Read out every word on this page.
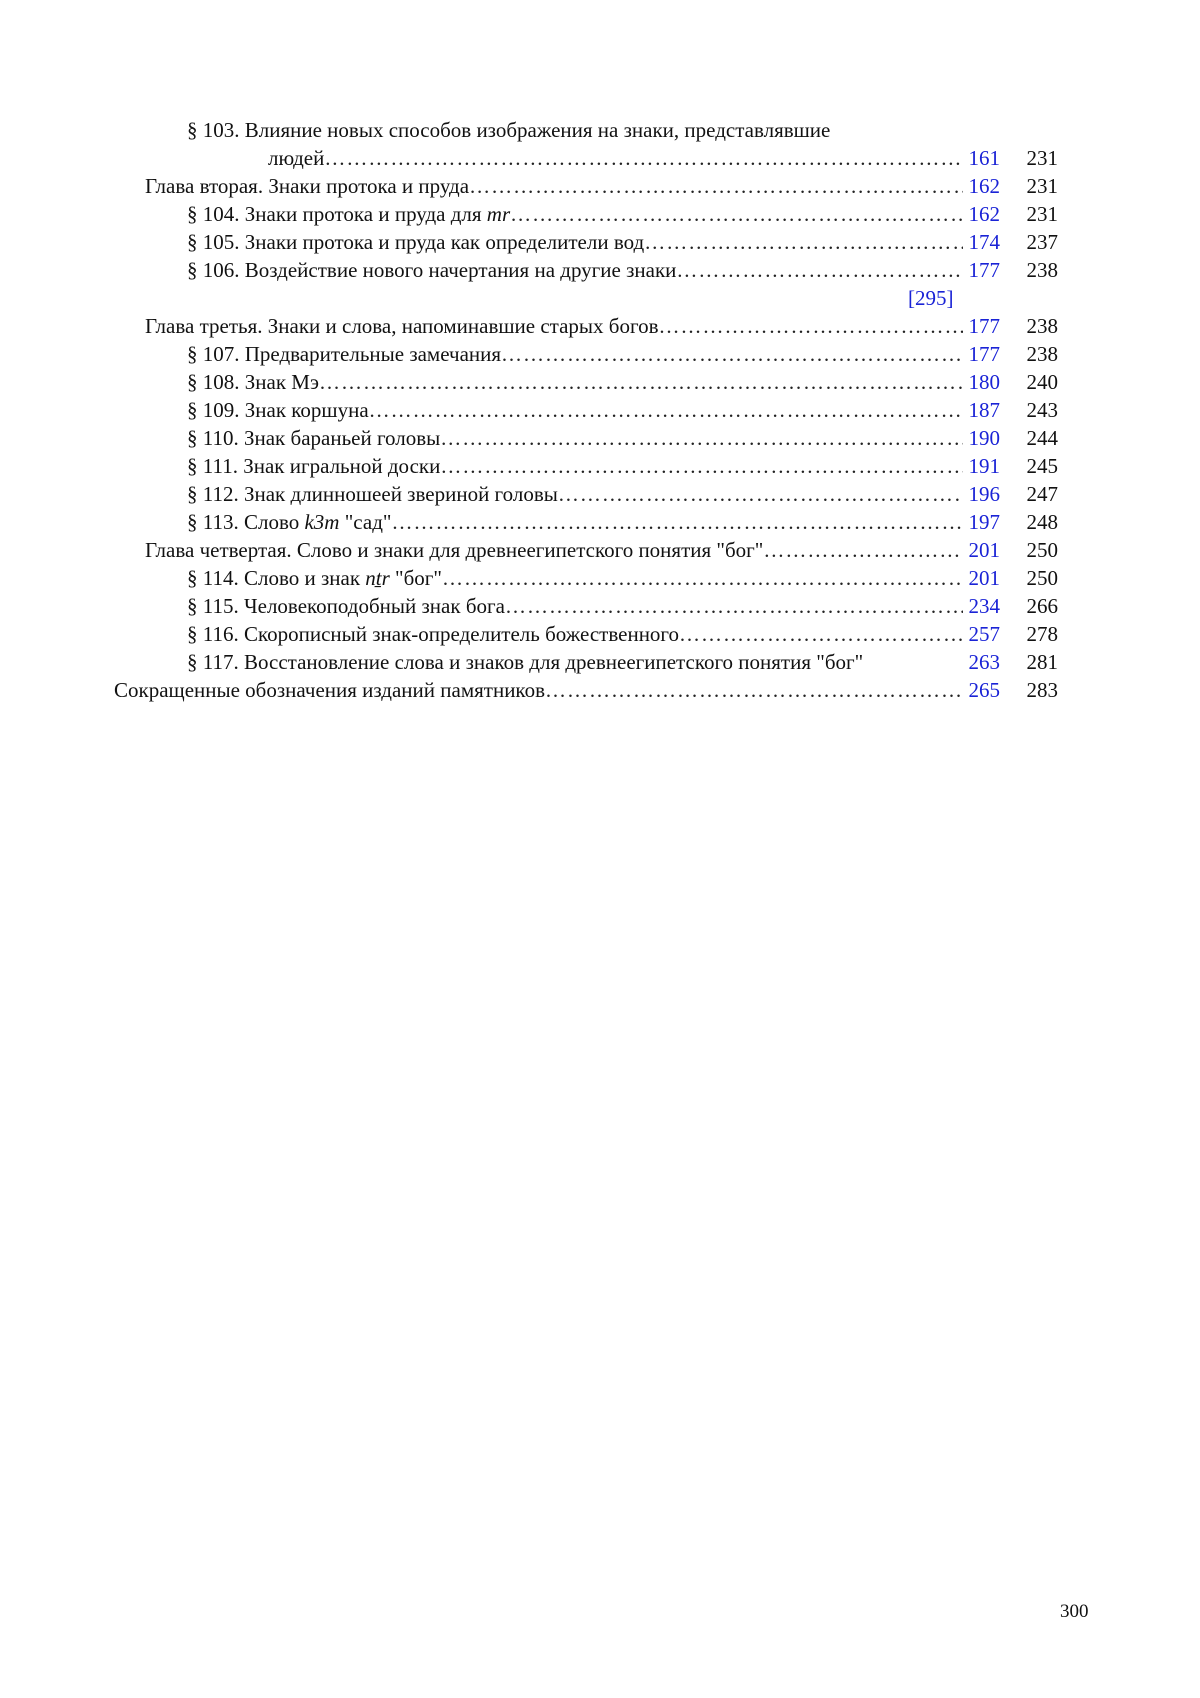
§ 103. Влияние новых способов изображения на знаки, представлявшие
людей ……………………………………………………………………………………………………………………………………………………………………………………	161	231
Глава вторая. Знаки протока и пруда ……………………………………………………………………………………………………………………………………………………………………………………	162	231
§ 104. Знаки протока и пруда для mr ……………………………………………………………………………………………………………………………………………………………………………………	162	231
§ 105. Знаки протока и пруда как определители вод ……………………………………………………………………………………………………………………………………………………………………………………	174	237
§ 106. Воздействие нового начертания на другие знаки ……………………………………………………………………………………………………………………………………………………………………………………	177	238
[295]
Глава третья. Знаки и слова, напоминавшие старых богов ……………………………………………………………………………………………………………………………………………………………………………………	177	238
§ 107. Предварительные замечания ……………………………………………………………………………………………………………………………………………………………………………………	177	238
§ 108. Знак Мэ ……………………………………………………………………………………………………………………………………………………………………………………	180	240
§ 109. Знак коршуна ……………………………………………………………………………………………………………………………………………………………………………………	187	243
§ 110. Знак бараньей головы ……………………………………………………………………………………………………………………………………………………………………………………	190	244
§ 111. Знак игральной доски ……………………………………………………………………………………………………………………………………………………………………………………	191	245
§ 112. Знак длинношеей звериной головы ……………………………………………………………………………………………………………………………………………………………………………………	196	247
§ 113. Слово k3m "сад" ……………………………………………………………………………………………………………………………………………………………………………………	197	248
Глава четвертая. Слово и знаки для древнеегипетского понятия "бог" ……………………………………………………………………………………………………………………………………………………………………………………	201	250
§ 114. Слово и знак nṯr "бог" ……………………………………………………………………………………………………………………………………………………………………………………	201	250
§ 115. Человекоподобный знак бога ……………………………………………………………………………………………………………………………………………………………………………………	234	266
§ 116. Скорописный знак-определитель божественного ……………………………………………………………………………………………………………………………………………………………………………………	257	278
§ 117. Восстановление слова и знаков для древнеегипетского понятия "бог"	263	281
Сокращенные обозначения изданий памятников ……………………………………………………………………………………………………………………………………………………………………………………	265	283
300
